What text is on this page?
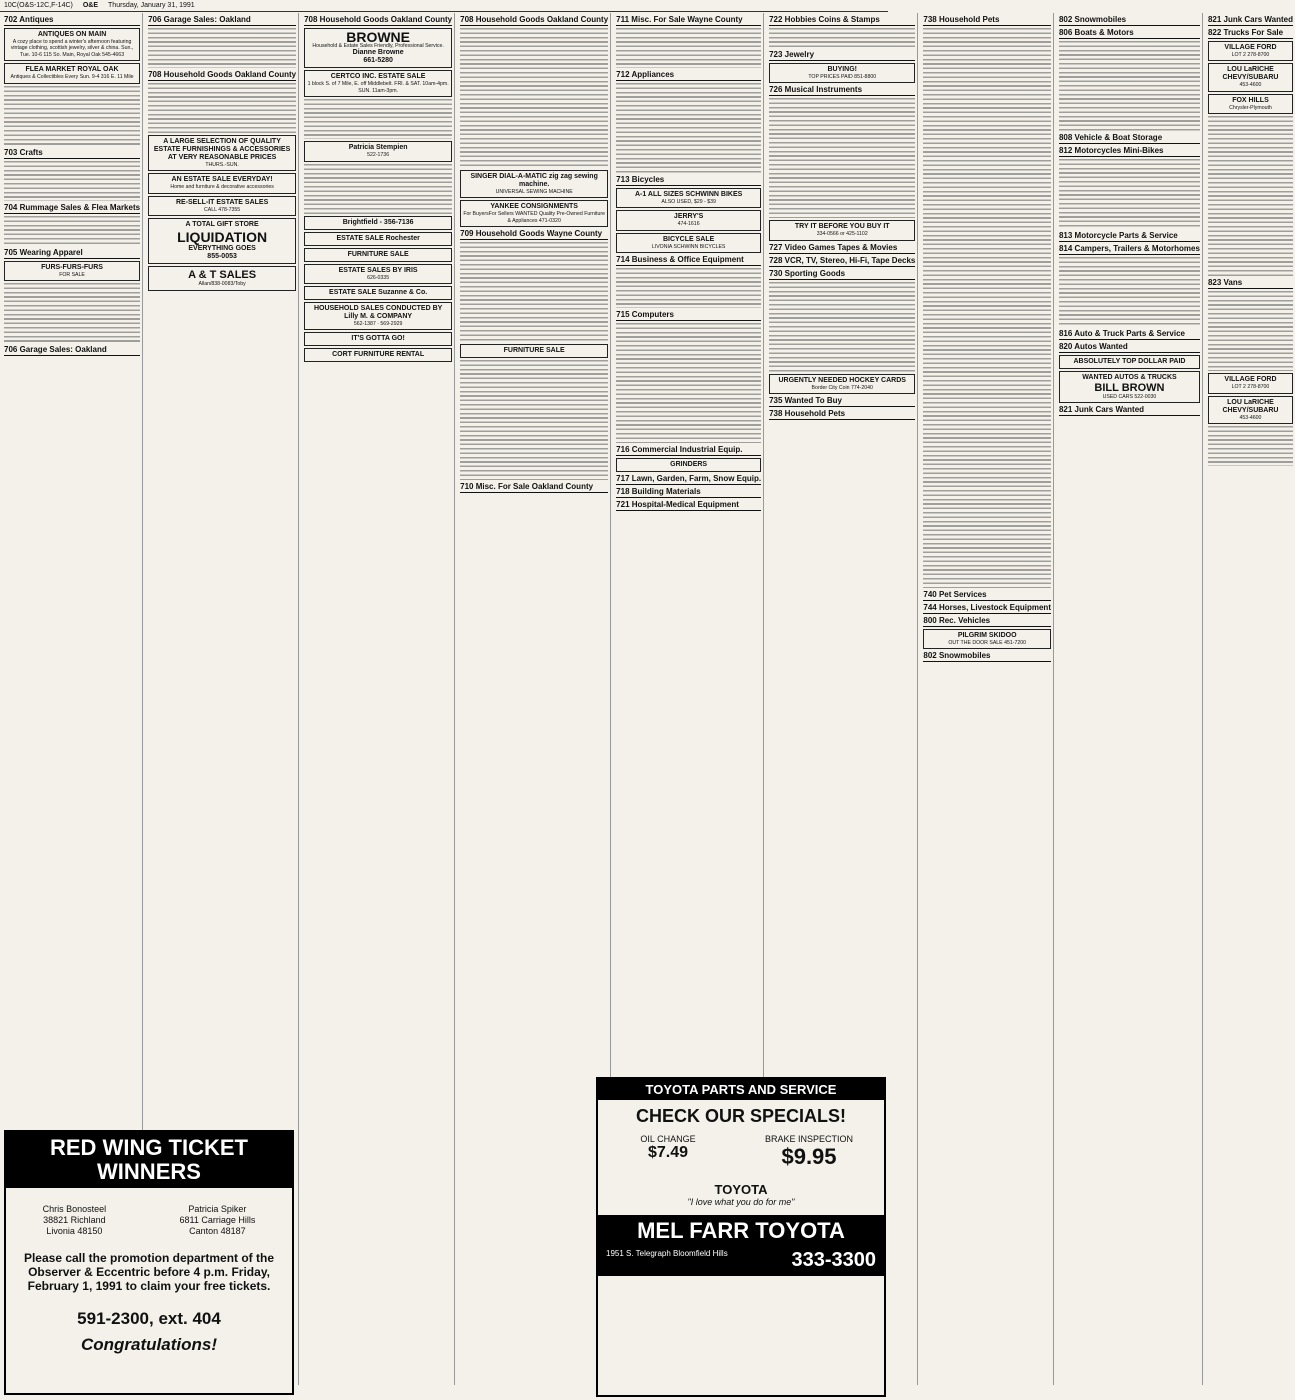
10C(O&S-12C,F-14C) O&E Thursday, January 31, 1991
702 Antiques
ANTIQUES ON MAIN
A cozy place to spend a winter's afternoon featuring vintage clothing, scottish jewelry, silver & china. Sun., Tue. 10-6 115 So. Main, Royal Oak 545-4663
FLEA MARKET ROYAL OAK
Antiques & Collectibles Every Sun. 9-4 316 E. 11 Mile
703 Crafts
704 Rummage Sales & Flea Markets
705 Wearing Apparel
FURS-FURS-FURS
FOR SALE
706 Garage Sales: Oakland
706 Garage Sales: Oakland
708 Household Goods Oakland County
A LARGE SELECTION OF QUALITY ESTATE FURNISHINGS & ACCESSORIES AT VERY REASONABLE PRICES
THURS.-SUN.
AN ESTATE SALE EVERYDAY!
Home and furniture & decorative accessories
RE-SELL-IT ESTATE SALES
CALL 478-7355
A TOTAL GIFT STORE
LIQUIDATION
EVERYTHING GOES
855-0053
A & T SALES
Allan/838-0083/Toby
708 Household Goods Oakland County
BROWNE
Household & Estate Sales Friendly, Professional Service.
Dianne Browne
661-5280
CERTCO INC. ESTATE SALE
1 block S. of 7 Mile, E. off Middlebelt. FRI. & SAT. 10am-4pm. SUN. 11am-3pm.
Patricia Stempien
522-1736
Brightfield - 356-7136
ESTATE SALE Rochester
FURNITURE SALE
ESTATE SALES BY IRIS
626-0335
ESTATE SALE Suzanne & Co.
HOUSEHOLD SALES CONDUCTED BY Lilly M. & COMPANY
562-1387 · 569-2929
IT'S GOTTA GO!
CORT FURNITURE RENTAL
708 Household Goods Oakland County
SINGER DIAL-A-MATIC zig zag sewing machine.
UNIVERSAL SEWING MACHINE
YANKEE CONSIGNMENTS
For BuyersFor Sellers WANTED Quality Pre-Owned Furniture & Appliances 471-0320
709 Household Goods Wayne County
FURNITURE SALE
710 Misc. For Sale Oakland County
711 Misc. For Sale Wayne County
712 Appliances
713 Bicycles
A-1 ALL SIZES SCHWINN BIKES
ALSO USED, $29 - $39
JERRY'S
474-1616
BICYCLE SALE
LIVONIA SCHWINN BICYCLES
714 Business & Office Equipment
715 Computers
716 Commercial Industrial Equip.
GRINDERS
717 Lawn, Garden, Farm, Snow Equip.
718 Building Materials
721 Hospital-Medical Equipment
722 Hobbies Coins & Stamps
723 Jewelry
BUYING!
TOP PRICES PAID 851-8800
726 Musical Instruments
TRY IT BEFORE YOU BUY IT
334-0566 or 425-1102
727 Video Games Tapes & Movies
728 VCR, TV, Stereo, Hi-Fi, Tape Decks
730 Sporting Goods
URGENTLY NEEDED HOCKEY CARDS
Border City Coin 774-2040
735 Wanted To Buy
738 Household Pets
738 Household Pets
740 Pet Services
744 Horses, Livestock Equipment
800 Rec. Vehicles
PILGRIM SKIDOO
OUT THE DOOR SALE 451-7200
802 Snowmobiles
802 Snowmobiles
806 Boats & Motors
808 Vehicle & Boat Storage
812 Motorcycles Mini-Bikes
813 Motorcycle Parts & Service
814 Campers, Trailers & Motorhomes
816 Auto & Truck Parts & Service
820 Autos Wanted
ABSOLUTELY TOP DOLLAR PAID
WANTED AUTOS & TRUCKS
BILL BROWN
USED CARS 522-0030
821 Junk Cars Wanted
821 Junk Cars Wanted
822 Trucks For Sale
VILLAGE FORD
LOT 2 278-8700
LOU LaRICHE CHEVY/SUBARU
453-4600
FOX HILLS
Chrysler-Plymouth
823 Vans
VILLAGE FORD
LOT 2 278-8700
LOU LaRICHE CHEVY/SUBARU
453-4600
RED WING TICKET WINNERS
Chris Bonosteel
38821 Richland
Livonia 48150
Patricia Spiker
6811 Carriage Hills
Canton 48187
Please call the promotion department of the Observer & Eccentric before 4 p.m. Friday, February 1, 1991 to claim your free tickets.
591-2300, ext. 404
Congratulations!
TOYOTA PARTS AND SERVICE
CHECK OUR SPECIALS!
OIL CHANGE
$7.49
BRAKE INSPECTION
$9.95
TOYOTA
"I love what you do for me"
MEL FARR TOYOTA
1951 S. Telegraph Bloomfield Hills	333-3300
